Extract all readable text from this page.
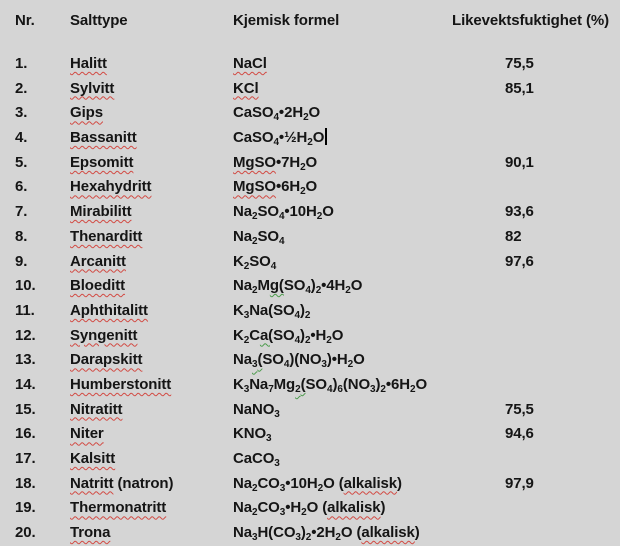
Nr.	Salttype	Kjemisk formel	Likevektsfuktighet (%)
1.	Halitt	NaCl	75,5
2.	Sylvitt	KCl	85,1
3.	Gips	$CaSO_4•2H_2O$
4.	Bassanitt	$CaSO_4•\frac{1}{2}H_2O$
5.	Epsomitt	$MgSO•7H_2O$	90,1
6.	Hexahydritt	$MgSO•6H_2O$
7.	Mirabilitt	$Na_2SO_4•10H_2O$	93,6
8.	Thenarditt	$Na_2SO_4$	82
9.	Arcanitt	$K_2SO_4$	97,6
10.	Bloeditt	$Na_2Mg(SO_4)_2•4H_2O$
11.	Aphthitalitt	$K_3Na(SO_4)_2$
12.	Syngenitt	$K_2Ca(SO_4)_2•H_2O$
13.	Darapskitt	$Na_3(SO_4)(NO_3)•H_2O$
14.	Humberstonitt	$K_3Na_7Mg_2(SO_4)_6(NO_3)_2•6H_2O$
15.	Nitratitt	NaNO$_3$	75,5
16.	Niter	$KNO_3$	94,6
17.	Kalsitt	CaCO$_3$
18.	Natritt (natron)	$Na_2CO_3•10H_2O$ (alkalisk)	97,9
19.	Thermonatritt	$Na_2CO_3•H_2O$ (alkalisk)
20.	Trona	$Na_3H(CO_3)_2•2H_2O$ (alkalisk)
